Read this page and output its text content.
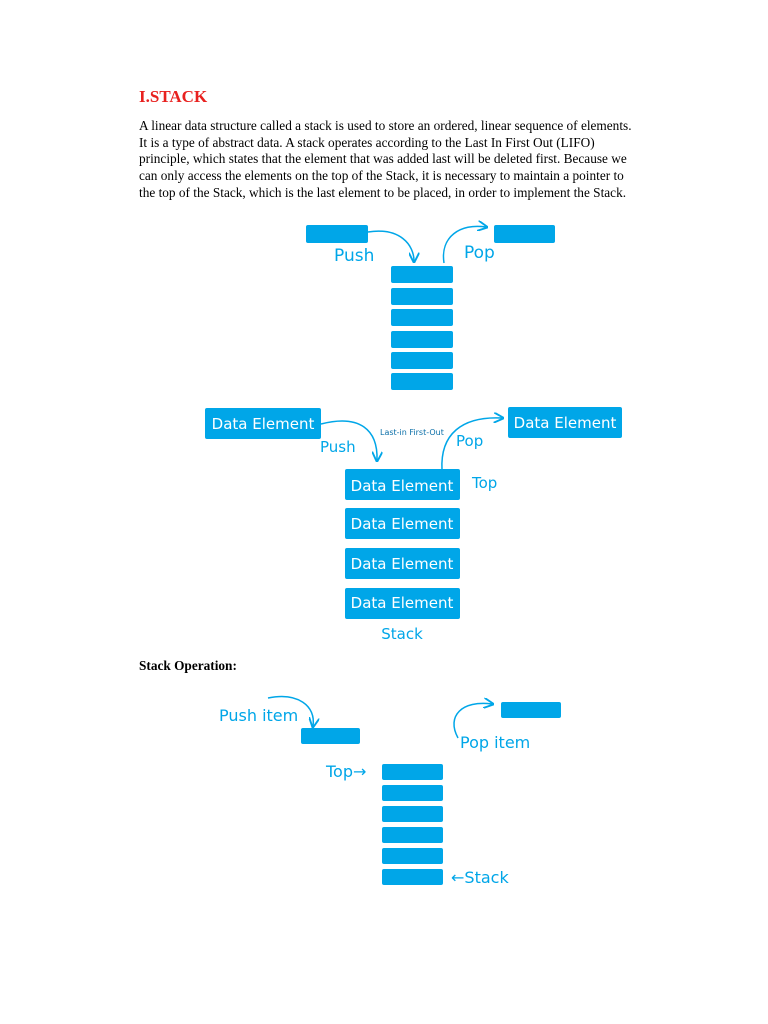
I.STACK

A linear data structure called a stack is used to store an ordered, linear sequence of elements.
It is a type of abstract data. A stack operates according to the Last In First Out (LIFO)
principle, which states that the element that was added last will be deleted first. Because we
can only access the elements on the top of the Stack, it is necessary to maintain a pointer to
the top of the Stack, which is the last element to be placed, in order to implement the Stack.

Push	Pop
Data Element	Data Element
Push	Pop
Last-in First-Out
Top
Data Element
Data Element
Data Element
Data Element
Stack

Stack Operation:

Push item
Pop item
Top→
←Stack
